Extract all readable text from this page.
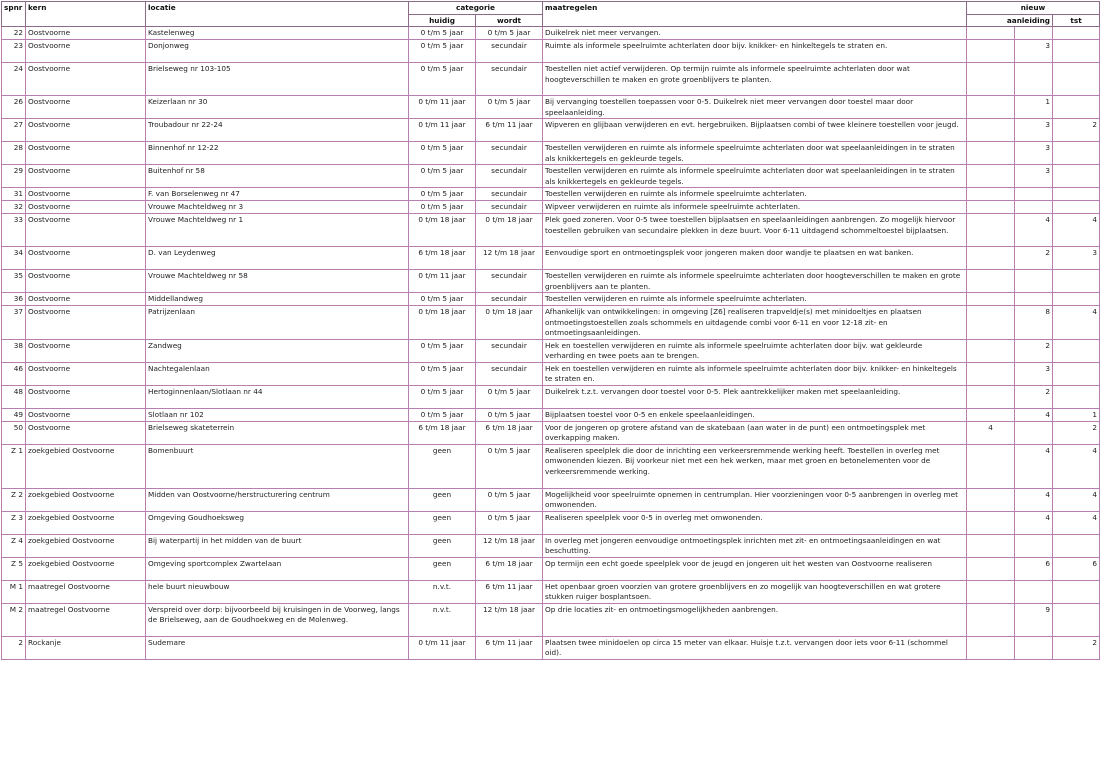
spnr	kern	locatie	categorie		maatregelen	nieuw		
			huidig	wordt		aanleiding		tst
22	Oostvoorne	Kastelenweg	0 t/m 5 jaar	0 t/m 5 jaar	Duikelrek niet meer vervangen.			
23	Oostvoorne	Donjonweg	0 t/m 5 jaar	secundair	Ruimte als informele speelruimte achterlaten door bijv. knikker- en hinkeltegels te straten en.		3	
24	Oostvoorne	Brielseweg nr 103-105	0 t/m 5 jaar	secundair	Toestellen niet actief verwijderen. Op termijn ruimte als informele speelruimte achterlaten door wat hoogteverschillen te maken en grote groenblijvers te planten.			
26	Oostvoorne	Keizerlaan nr 30	0 t/m 11 jaar	0 t/m 5 jaar	Bij vervanging toestellen toepassen voor 0-5. Duikelrek niet meer vervangen door toestel maar door speelaanleiding.		1	
27	Oostvoorne	Troubadour nr 22-24	0 t/m 11 jaar	6 t/m 11 jaar	Wipveren en glijbaan verwijderen en evt. hergebruiken. Bijplaatsen combi of twee kleinere toestellen voor jeugd.		3	2
28	Oostvoorne	Binnenhof nr 12-22	0 t/m 5 jaar	secundair	Toestellen verwijderen en ruimte als informele speelruimte achterlaten door wat speelaanleidingen in te straten als knikkertegels en gekleurde tegels.		3	
29	Oostvoorne	Buitenhof nr 58	0 t/m 5 jaar	secundair	Toestellen verwijderen en ruimte als informele speelruimte achterlaten door wat speelaanleidingen in te straten als knikkertegels en gekleurde tegels.		3	
31	Oostvoorne	F. van Borselenweg nr 47	0 t/m 5 jaar	secundair	Toestellen verwijderen en ruimte als informele speelruimte achterlaten.			
32	Oostvoorne	Vrouwe Machteldweg nr 3	0 t/m 5 jaar	secundair	Wipveer verwijderen en ruimte als informele speelruimte achterlaten.			
33	Oostvoorne	Vrouwe Machteldweg nr 1	0 t/m 18 jaar	0 t/m 18 jaar	Plek goed zoneren. Voor 0-5 twee toestellen bijplaatsen en speelaanleidingen aanbrengen. Zo mogelijk hiervoor toestellen gebruiken van secundaire plekken in deze buurt. Voor 6-11 uitdagend schommeltoestel bijplaatsen.		4	4
34	Oostvoorne	D. van Leydenweg	6 t/m 18 jaar	12 t/m 18 jaar	Eenvoudige sport en ontmoetingsplek voor jongeren maken door wandje te plaatsen en wat banken.		2	3
35	Oostvoorne	Vrouwe Machteldweg nr 58	0 t/m 11 jaar	secundair	Toestellen verwijderen en ruimte als informele speelruimte achterlaten door hoogteverschillen te maken en grote groenblijvers aan te planten.			
36	Oostvoorne	Middellandweg	0 t/m 5 jaar	secundair	Toestellen verwijderen en ruimte als informele speelruimte achterlaten.			
37	Oostvoorne	Patrijzenlaan	0 t/m 18 jaar	0 t/m 18 jaar	Afhankelijk van ontwikkelingen: in omgeving [Z6] realiseren trapveldje(s) met minidoeltjes en plaatsen ontmoetingstoestellen zoals schommels en uitdagende combi voor 6-11 en voor 12-18 zit- en ontmoetingsaanleidingen.		8	4
38	Oostvoorne	Zandweg	0 t/m 5 jaar	secundair	Hek en toestellen verwijderen en ruimte als informele speelruimte achterlaten door bijv. wat gekleurde verharding en twee poets aan te brengen.		2	
46	Oostvoorne	Nachtegalenlaan	0 t/m 5 jaar	secundair	Hek en toestellen verwijderen en ruimte als informele speelruimte achterlaten door bijv. knikker- en hinkeltegels te straten en.		3	
48	Oostvoorne	Hertoginnenlaan/Slotlaan nr 44	0 t/m 5 jaar	0 t/m 5 jaar	Duikelrek t.z.t. vervangen door toestel voor 0-5. Plek aantrekkelijker maken met speelaanleiding.		2	
49	Oostvoorne	Slotlaan nr 102	0 t/m 5 jaar	0 t/m 5 jaar	Bijplaatsen toestel voor 0-5 en enkele speelaanleidingen.		4	1
50	Oostvoorne	Brielseweg skateterrein	6 t/m 18 jaar	6 t/m 18 jaar	Voor de jongeren op grotere afstand van de skatebaan (aan water in de punt) een ontmoetingsplek met overkapping maken.	4		2
Z 1	zoekgebied Oostvoorne	Bomenbuurt	geen	0 t/m 5 jaar	Realiseren speelplek die door de inrichting een verkeersremmende werking heeft. Toestellen in overleg met omwonenden kiezen. Bij voorkeur niet met een hek werken, maar met groen en betonelementen voor de verkeersremmende werking.		4	4
Z 2	zoekgebied Oostvoorne	Midden van Oostvoorne/herstructurering centrum	geen	0 t/m 5 jaar	Mogelijkheid voor speelruimte opnemen in centrumplan. Hier voorzieningen voor 0-5 aanbrengen in overleg met omwonenden.		4	4
Z 3	zoekgebied Oostvoorne	Omgeving Goudhoeksweg	geen	0 t/m 5 jaar	Realiseren speelplek voor 0-5 in overleg met omwonenden.		4	4
Z 4	zoekgebied Oostvoorne	Bij waterpartij in het midden van de buurt	geen	12 t/m 18 jaar	In overleg met jongeren eenvoudige ontmoetingsplek inrichten met zit- en ontmoetingsaanleidingen en wat beschutting.			
Z 5	zoekgebied Oostvoorne	Omgeving sportcomplex Zwartelaan	geen	6 t/m 18 jaar	Op termijn een echt goede speelplek voor de jeugd en jongeren uit het westen van Oostvoorne realiseren		6	6
M 1	maatregel Oostvoorne	hele buurt nieuwbouw	n.v.t.	6 t/m 11 jaar	Het openbaar groen voorzien van grotere groenblijvers en zo mogelijk van hoogteverschillen en wat grotere stukken ruiger bosplantsoen.			
M 2	maatregel Oostvoorne	Verspreid over dorp: bijvoorbeeld bij kruisingen in de Voorweg, langs de Brielseweg, aan de Goudhoekweg en de Molenweg.	n.v.t.	12 t/m 18 jaar	Op drie locaties zit- en ontmoetingsmogelijkheden aanbrengen.		9	
2	Rockanje	Sudemare	0 t/m 11 jaar	6 t/m 11 jaar	Plaatsen twee minidoelen op circa 15 meter van elkaar. Huisje t.z.t. vervangen door iets voor 6-11 (schommel oid).			2
